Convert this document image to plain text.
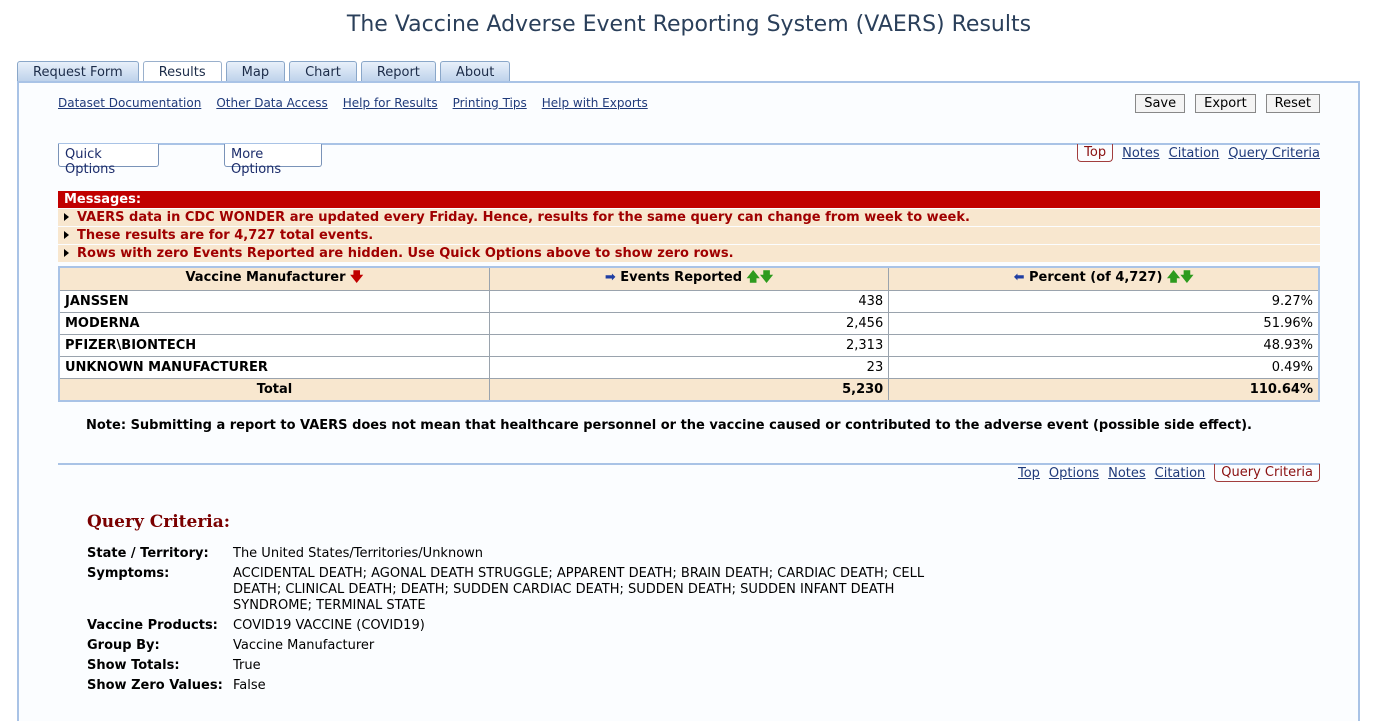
The Vaccine Adverse Event Reporting System (VAERS) Results
Request Form	Results	Map	Chart	Report	About
Dataset Documentation Other Data Access Help for Results Printing Tips Help with Exports	Save	Export	Reset
Quick Options
More Options
Top	Notes Citation Query Criteria
Messages:
VAERS data in CDC WONDER are updated every Friday. Hence, results for the same query can change from week to week.
These results are for 4,727 total events.
Rows with zero Events Reported are hidden. Use Quick Options above to show zero rows.
Vaccine Manufacturer 🡇	➡ Events Reported 🡅🡇	⬅ Percent (of 4,727) 🡅🡇
JANSSEN	438	9.27%
MODERNA	2,456	51.96%
PFIZER\BIONTECH	2,313	48.93%
UNKNOWN MANUFACTURER	23	0.49%
Total	5,230	110.64%
Note: Submitting a report to VAERS does not mean that healthcare personnel or the vaccine caused or contributed to the adverse event (possible side effect).
Top Options Notes Citation	Query Criteria
Query Criteria:
State / Territory:	The United States/Territories/Unknown
Symptoms:	ACCIDENTAL DEATH; AGONAL DEATH STRUGGLE; APPARENT DEATH; BRAIN DEATH; CARDIAC DEATH; CELL DEATH; CLINICAL DEATH; DEATH; SUDDEN CARDIAC DEATH; SUDDEN DEATH; SUDDEN INFANT DEATH SYNDROME; TERMINAL STATE
Vaccine Products:	COVID19 VACCINE (COVID19)
Group By:	Vaccine Manufacturer
Show Totals:	True
Show Zero Values: False
